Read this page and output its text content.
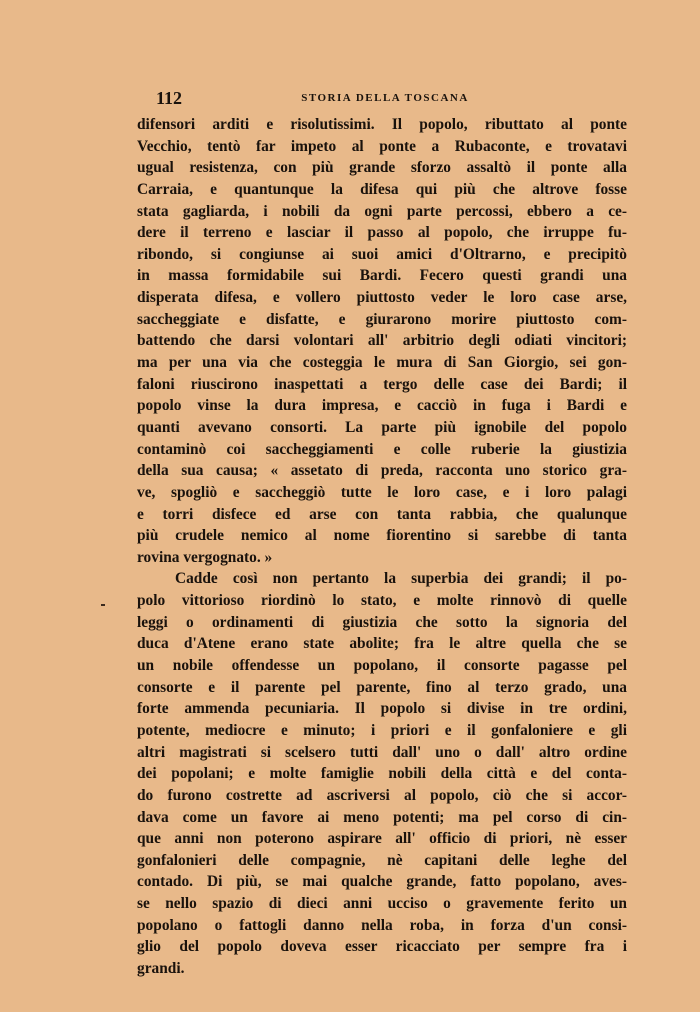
112	STORIA DELLA TOSCANA
difensori arditi e risolutissimi. Il popolo, ributtato al ponte
Vecchio, tentò far impeto al ponte a Rubaconte, e trovatavi
ugual resistenza, con più grande sforzo assaltò il ponte alla
Carraia, e quantunque la difesa qui più che altrove fosse
stata gagliarda, i nobili da ogni parte percossi, ebbero a ce-
dere il terreno e lasciar il passo al popolo, che irruppe fu-
ribondo, si congiunse ai suoi amici d'Oltrarno, e precipitò
in massa formidabile sui Bardi. Fecero questi grandi una
disperata difesa, e vollero piuttosto veder le loro case arse,
saccheggiate e disfatte, e giurarono morire piuttosto com-
battendo che darsi volontari all' arbitrio degli odiati vincitori;
ma per una via che costeggia le mura di San Giorgio, sei gon-
faloni riuscirono inaspettati a tergo delle case dei Bardi; il
popolo vinse la dura impresa, e cacciò in fuga i Bardi e
quanti avevano consorti. La parte più ignobile del popolo
contaminò coi saccheggiamenti e colle ruberie la giustizia
della sua causa; « assetato di preda, racconta uno storico gra-
ve, spogliò e saccheggiò tutte le loro case, e i loro palagi
e torri disfece ed arse con tanta rabbia, che qualunque
più crudele nemico al nome fiorentino si sarebbe di tanta
rovina vergognato. »
Cadde così non pertanto la superbia dei grandi; il po-
polo vittorioso riordinò lo stato, e molte rinnovò di quelle
leggi o ordinamenti di giustizia che sotto la signoria del
duca d'Atene erano state abolite; fra le altre quella che se
un nobile offendesse un popolano, il consorte pagasse pel
consorte e il parente pel parente, fino al terzo grado, una
forte ammenda pecuniaria. Il popolo si divise in tre ordini,
potente, mediocre e minuto; i priori e il gonfaloniere e gli
altri magistrati si scelsero tutti dall' uno o dall' altro ordine
dei popolani; e molte famiglie nobili della città e del conta-
do furono costrette ad ascriversi al popolo, ciò che si accor-
dava come un favore ai meno potenti; ma pel corso di cin-
que anni non poterono aspirare all' officio di priori, nè esser
gonfalonieri delle compagnie, nè capitani delle leghe del
contado. Di più, se mai qualche grande, fatto popolano, aves-
se nello spazio di dieci anni ucciso o gravemente ferito un
popolano o fattogli danno nella roba, in forza d'un consi-
glio del popolo doveva esser ricacciato per sempre fra i
grandi.
